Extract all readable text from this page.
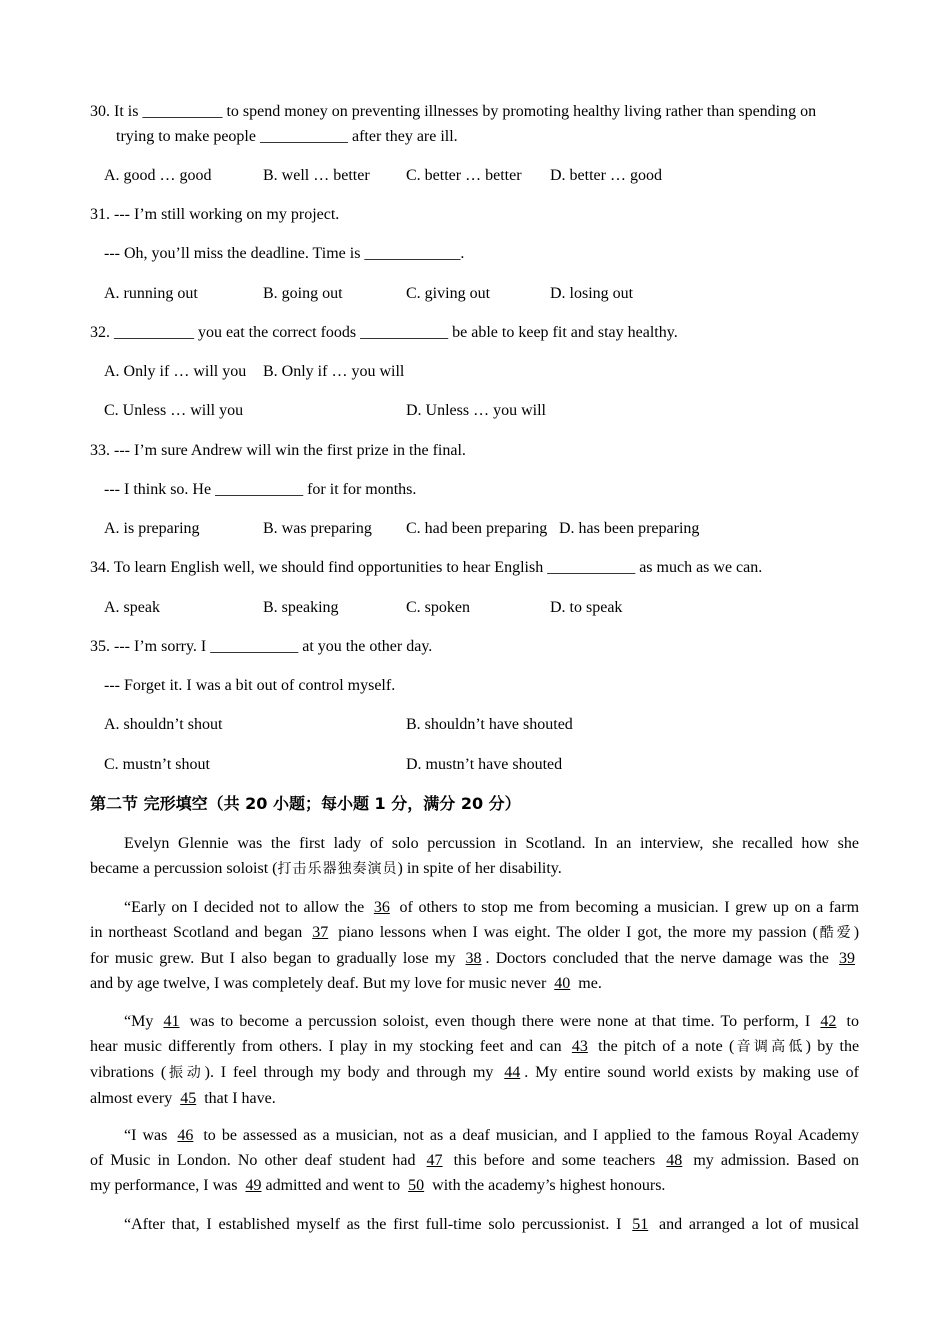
30. It is __________ to spend money on preventing illnesses by promoting healthy living rather than spending on
trying to make people ___________ after they are ill.
A. good … good	B. well … better C. better … better D. better … good
31. --- I’m still working on my project.
--- Oh, you’ll miss the deadline. Time is ____________.
A. running out	B. going out	C. giving out	D. losing out
32. __________ you eat the correct foods ___________ be able to keep fit and stay healthy.
A. Only if … will you B. Only if … you will
C. Unless … will you	D. Unless … you will
33. --- I’m sure Andrew will win the first prize in the final.
--- I think so. He ___________ for it for months.
A. is preparing	B. was preparing C. had been preparing D. has been preparing
34. To learn English well, we should find opportunities to hear English ___________ as much as we can.
A. speak	B. speaking	C. spoken	D. to speak
35. --- I’m sorry. I ___________ at you the other day.
--- Forget it. I was a bit out of control myself.
A. shouldn’t shout	B. shouldn’t have shouted
C. mustn’t shout	D. mustn’t have shouted
第二节 完形填空（共 20 小题；每小题 1 分，满分 20 分）
Evelyn Glennie was the first lady of solo percussion in Scotland. In an interview, she recalled how she
became a percussion soloist (打击乐器独奏演员) in spite of her disability.
“Early on I decided not to allow the 36 of others to stop me from becoming a musician. I grew up on a farm
in northeast Scotland and began 37 piano lessons when I was eight. The older I got, the more my passion (酷爱)
for music grew. But I also began to gradually lose my 38 . Doctors concluded that the nerve damage was the 39
and by age twelve, I was completely deaf. But my love for music never 40 me.
“My 41 was to become a percussion soloist, even though there were none at that time. To perform, I 42 to
hear music differently from others. I play in my stocking feet and can 43 the pitch of a note (音调高低) by the
vibrations (振动). I feel through my body and through my 44 . My entire sound world exists by making use of
almost every 45 that I have.
“I was 46 to be assessed as a musician, not as a deaf musician, and I applied to the famous Royal Academy
of Music in London. No other deaf student had 47 this before and some teachers 48 my admission. Based on
my performance, I was 49 admitted and went to 50 with the academy’s highest honours.
“After that, I established myself as the first full-time solo percussionist. I 51 and arranged a lot of musical
